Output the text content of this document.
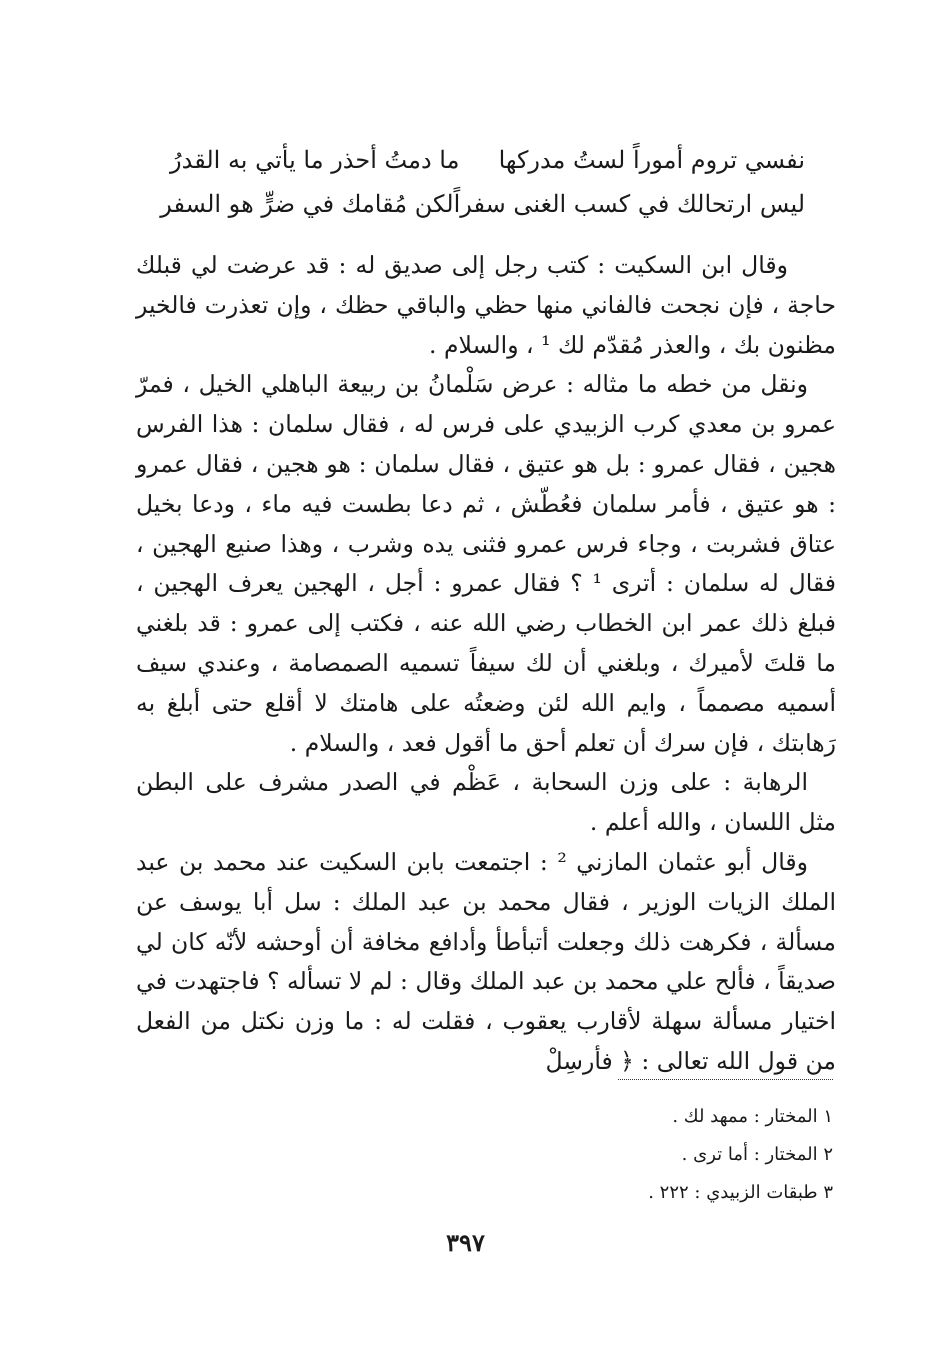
نفسي تروم أموراً لستُ مدركها
ما دمتُ أحذر ما يأتي به القدرُ
ليس ارتحالك في كسب الغنى سفراً
لكن مُقامك في ضرٍّ هو السفر

وقال ابن السكيت : كتب رجل إلى صديق له : قد عرضت لي قبلك حاجة ، فإن نجحت فالفاني منها حظي والباقي حظك ، وإن تعذرت فالخير مظنون بك ، والعذر مُقدّم لك ¹ ، والسلام .

ونقل من خطه ما مثاله : عرض سَلْمانُ بن ربيعة الباهلي الخيل ، فمرّ عمرو بن معدي كرب الزبيدي على فرس له ، فقال سلمان : هذا الفرس هجين ، فقال عمرو : بل هو عتيق ، فقال سلمان : هو هجين ، فقال عمرو : هو عتيق ، فأمر سلمان فعُطّش ، ثم دعا بطست فيه ماء ، ودعا بخيل عتاق فشربت ، وجاء فرس عمرو فثنى يده وشرب ، وهذا صنيع الهجين ، فقال له سلمان : أترى ¹ ؟ فقال عمرو : أجل ، الهجين يعرف الهجين ، فبلغ ذلك عمر ابن الخطاب رضي الله عنه ، فكتب إلى عمرو : قد بلغني ما قلتَ لأميرك ، وبلغني أن لك سيفاً تسميه الصمصامة ، وعندي سيف أسميه مصمماً ، وايم الله لئن وضعتُه على هامتك لا أقلع حتى أبلغ به رَهابتك ، فإن سرك أن تعلم أحق ما أقول فعد ، والسلام .

الرهابة : على وزن السحابة ، عَظْم في الصدر مشرف على البطن مثل اللسان ، والله أعلم .

وقال أبو عثمان المازني ² : اجتمعت بابن السكيت عند محمد بن عبد الملك الزيات الوزير ، فقال محمد بن عبد الملك : سل أبا يوسف عن مسألة ، فكرهت ذلك وجعلت أتبأطأ وأدافع مخافة أن أوحشه لأنّه كان لي صديقاً ، فألح علي محمد بن عبد الملك وقال : لم لا تسأله ؟ فاجتهدت في اختيار مسألة سهلة لأقارب يعقوب ، فقلت له : ما وزن نكتل من الفعل من قول الله تعالى : ﴿ فأرسِلْ

١ المختار : ممهد لك .

٢ المختار : أما ترى .

٣ طبقات الزبيدي : ٢٢٢ .

٣٩٧
